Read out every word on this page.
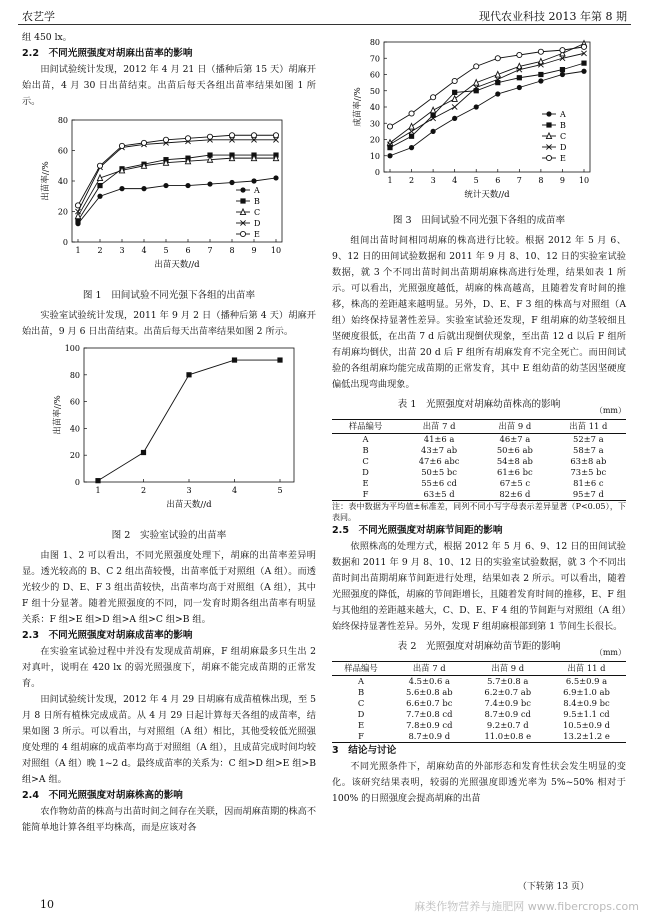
农艺学	现代农业科技 2013 年第 8 期

组 450 lx。

2.2　不同光照强度对胡麻出苗率的影响

田间试验统计发现，2012 年 4 月 21 日（播种后第 15 天）胡麻开始出苗，4 月 30 日出苗结束。出苗后每天各组出苗率结果如图 1 所示。

0
20
40
60
80
1 2 3 4 5 6 7 8 9 10
出苗天数//d
出苗率//%	A
B
C
D
E
图 1　田间试验不同光强下各组的出苗率

实验室试验统计发现，2011 年 9 月 2 日（播种后第 4 天）胡麻开始出苗，9 月 6 日出苗结束。出苗后每天出苗率结果如图 2 所示。

0
20
40
60
80
100
1	2	3	4	5
出苗天数//d
出苗率//%
图 2　实验室试验的出苗率

由图 1、2 可以看出，不同光照强度处理下，胡麻的出苗率差异明显。透光较高的 B、C 2 组出苗较慢，出苗率低于对照组（A 组）。而透光较少的 D、E、F 3 组出苗较快，出苗率均高于对照组（A 组），其中 F 组十分显著。随着光照强度的不同，同一发育时期各组出苗率有明显关系：F 组>E 组>D 组>A 组>C 组>B 组。

2.3　不同光照强度对胡麻成苗率的影响

在实验室试验过程中并没有发现成苗胡麻，F 组胡麻最多只生出 2 对真叶，说明在 420 lx 的弱光照强度下，胡麻不能完成苗期的正常发育。

田间试验统计发现，2012 年 4 月 29 日胡麻有成苗植株出现，至 5 月 8 日所有植株完成成苗。从 4 月 29 日起计算每天各组的成苗率，结果如图 3 所示。可以看出，与对照组（A 组）相比，其他受较低光照强度处理的 4 组胡麻的成苗率均高于对照组（A 组），且成苗完成时间均较对照组（A 组）晚 1~2 d。最终成苗率的关系为：C 组>D 组>E 组>B 组>A 组。

2.4　不同光照强度对胡麻株高的影响

农作物幼苗的株高与出苗时间之间存在关联，因而胡麻苗期的株高不能简单地计算各组平均株高，而是应该对各

0
10
20
30
40
50
60
70
80
1 2 3 4 5 6 7 8 9 10
统计天数//d
成苗率//%	A
B
C
D
E
图 3　田间试验不同光强下各组的成苗率

组间出苗时间相同胡麻的株高进行比较。根据 2012 年 5 月 6、9、12 日的田间试验数据和 2011 年 9 月 8、10、12 日的实验室试验数据，就 3 个不同出苗时间出苗期胡麻株高进行处理，结果如表 1 所示。可以看出，光照强度越低，胡麻的株高越高，且随着发育时间的推移，株高的差距越来越明显。另外，D、E、F 3 组的株高与对照组（A 组）始终保持显著性差异。实验室试验还发现，F 组胡麻的幼茎较细且坚硬度很低，在出苗 7 d 后就出现倒伏现象，至出苗 12 d 以后 F 组所有胡麻均倒伏，出苗 20 d 后 F 组所有胡麻发育不完全死亡。而田间试验的各组胡麻均能完成苗期的正常发育，其中 E 组幼苗的幼茎因坚硬度偏低出现弯曲现象。

表 1　光照强度对胡麻幼苗株高的影响
（mm）
样品编号	出苗 7 d	出苗 9 d	出苗 11 d
A	41±6 a	46±7 a	52±7 a
B	43±7 ab	50±6 ab	58±7 a
C	47±6 abc	54±8 ab	63±8 ab
D	50±5 bc	61±6 bc	73±5 bc
E	55±6 cd	67±5 c	81±6 c
F	63±5 d	82±6 d	95±7 d

注：表中数据为平均值±标准差，同列不同小写字母表示差异显著（P<0.05），下表同。

2.5　不同光照强度对胡麻节间距的影响

依照株高的处理方式，根据 2012 年 5 月 6、9、12 日的田间试验数据和 2011 年 9 月 8、10、12 日的实验室试验数据，就 3 个不同出苗时间出苗期胡麻节间距进行处理，结果如表 2 所示。可以看出，随着光照强度的降低，胡麻的节间距增长，且随着发育时间的推移，E、F 组与其他组的差距越来越大，C、D、E、F 4 组的节间距与对照组（A 组）始终保持显著性差异。另外，发现 F 组胡麻根部到第 1 节间生长很长。

表 2　光照强度对胡麻幼苗节距的影响
（mm）
样品编号	出苗 7 d	出苗 9 d	出苗 11 d
A	4.5±0.6 a	5.7±0.8 a	6.5±0.9 a
B	5.6±0.8 ab	6.2±0.7 ab	6.9±1.0 ab
C	6.6±0.7 bc	7.4±0.9 bc	8.4±0.9 bc
D	7.7±0.8 cd	8.7±0.9 cd	9.5±1.1 cd
E	7.8±0.9 cd	9.2±0.7 d	10.5±0.9 d
F	8.7±0.9 d	11.0±0.8 e	13.2±1.2 e
3　结论与讨论

不同光照条件下，胡麻幼苗的外部形态和发育性状会发生明显的变化。该研究结果表明，较弱的光照强度即透光率为 5%~50% 相对于 100% 的日照强度会提高胡麻的出苗

（下转第 13 页）
10	麻类作物营养与施肥网 www.fibercrops.com
